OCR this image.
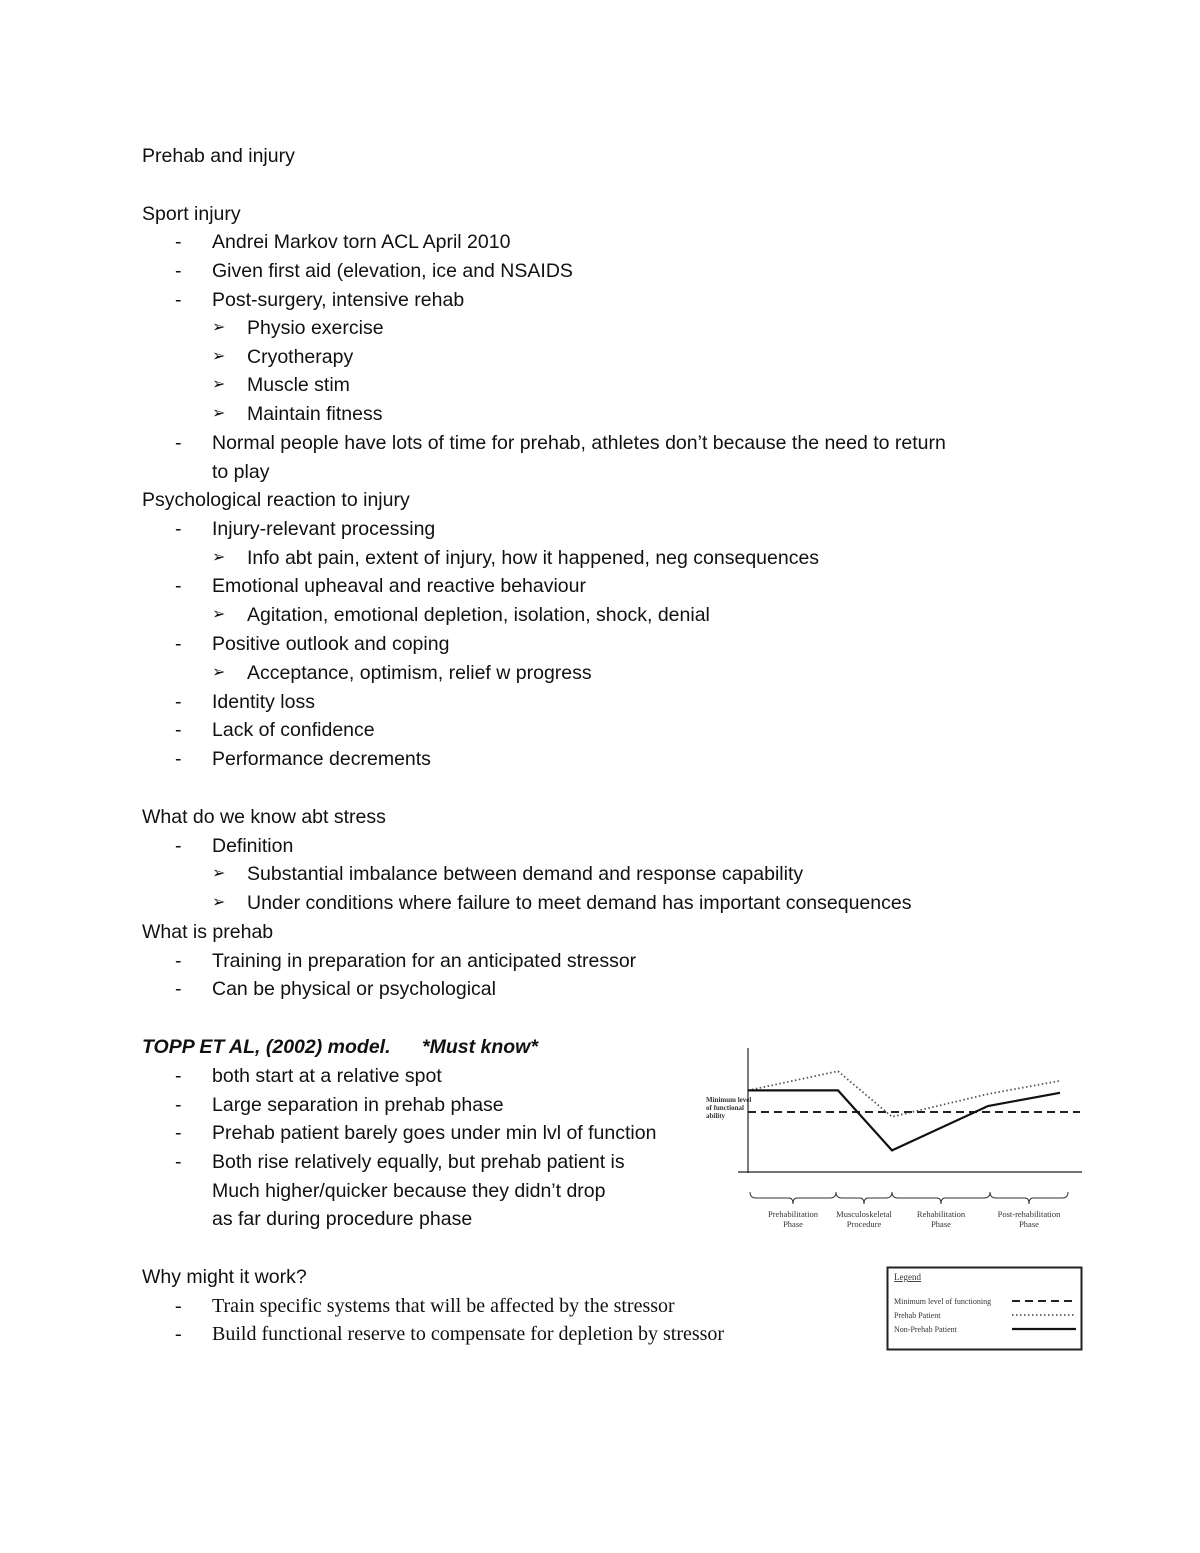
Prehab and injury
Sport injury
- Andrei Markov torn ACL April 2010
- Given first aid (elevation, ice and NSAIDS
- Post-surgery, intensive rehab
➢ Physio exercise
➢ Cryotherapy
➢ Muscle stim
➢ Maintain fitness
- Normal people have lots of time for prehab, athletes don’t because the need to return
to play
Psychological reaction to injury
- Injury-relevant processing
➢ Info abt pain, extent of injury, how it happened, neg consequences
- Emotional upheaval and reactive behaviour
➢ Agitation, emotional depletion, isolation, shock, denial
- Positive outlook and coping
➢ Acceptance, optimism, relief w progress
- Identity loss
- Lack of confidence
- Performance decrements
What do we know abt stress
- Definition
➢ Substantial imbalance between demand and response capability
➢ Under conditions where failure to meet demand has important consequences
What is prehab
- Training in preparation for an anticipated stressor
- Can be physical or psychological
TOPP ET AL, (2002) model. *Must know*
- both start at a relative spot
- Large separation in prehab phase
- Prehab patient barely goes under min lvl of function
- Both rise relatively equally, but prehab patient is
Much higher/quicker because they didn’t drop
as far during procedure phase
Why might it work?
- Train specific systems that will be affected by the stressor
- Build functional reserve to compensate for depletion by stressor
Minimum level of functional ability
Prehabilitation Phase
Musculoskeletal Procedure
Rehabilitation Phase
Post-rehabilitation Phase
Legend
Minimum level of functioning
Prehab Patient
Non-Prehab Patient
